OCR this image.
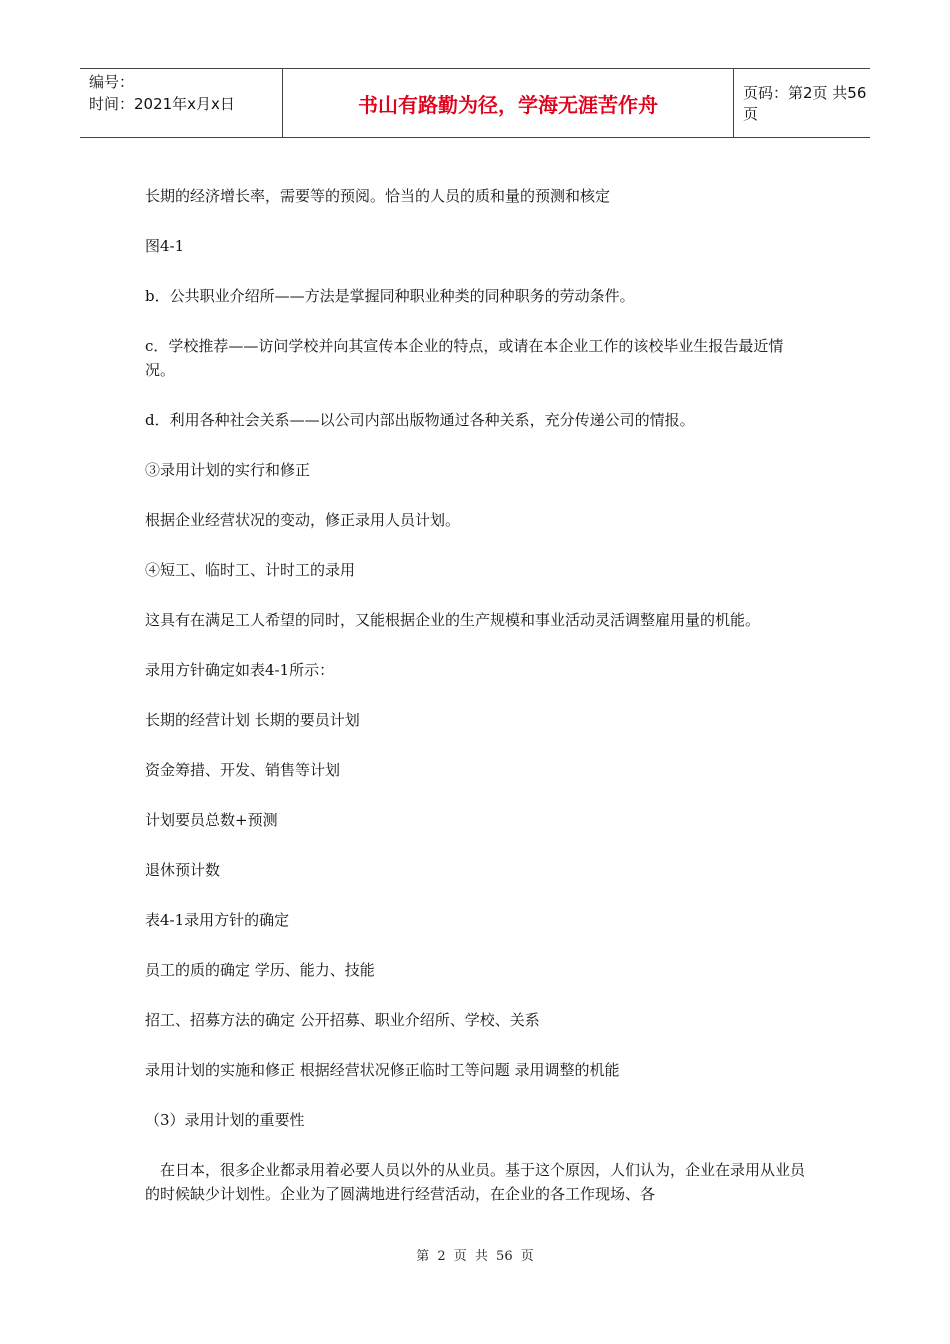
编号：
时间：2021年x月x日	书山有路勤为径，学海无涯苦作舟	页码：第2页 共56页

长期的经济增长率，需要等的预阅。恰当的人员的质和量的预测和核定

图4-1

b．公共职业介绍所——方法是掌握同种职业种类的同种职务的劳动条件。

c．学校推荐——访问学校并向其宣传本企业的特点，或请在本企业工作的该校毕业生报告最近情况。

d．利用各种社会关系——以公司内部出版物通过各种关系，充分传递公司的情报。

③录用计划的实行和修正

根据企业经营状况的变动，修正录用人员计划。

④短工、临时工、计时工的录用

这具有在满足工人希望的同时，又能根据企业的生产规模和事业活动灵活调整雇用量的机能。

录用方针确定如表4-1所示：

长期的经营计划 长期的要员计划

资金筹措、开发、销售等计划

计划要员总数+预测

退休预计数

表4-1录用方针的确定

员工的质的确定 学历、能力、技能

招工、招募方法的确定 公开招募、职业介绍所、学校、关系

录用计划的实施和修正 根据经营状况修正临时工等问题 录用调整的机能

（3）录用计划的重要性

在日本，很多企业都录用着必要人员以外的从业员。基于这个原因，人们认为，企业在录用从业员的时候缺少计划性。企业为了圆满地进行经营活动，在企业的各工作现场、各

第 2 页 共 56 页
